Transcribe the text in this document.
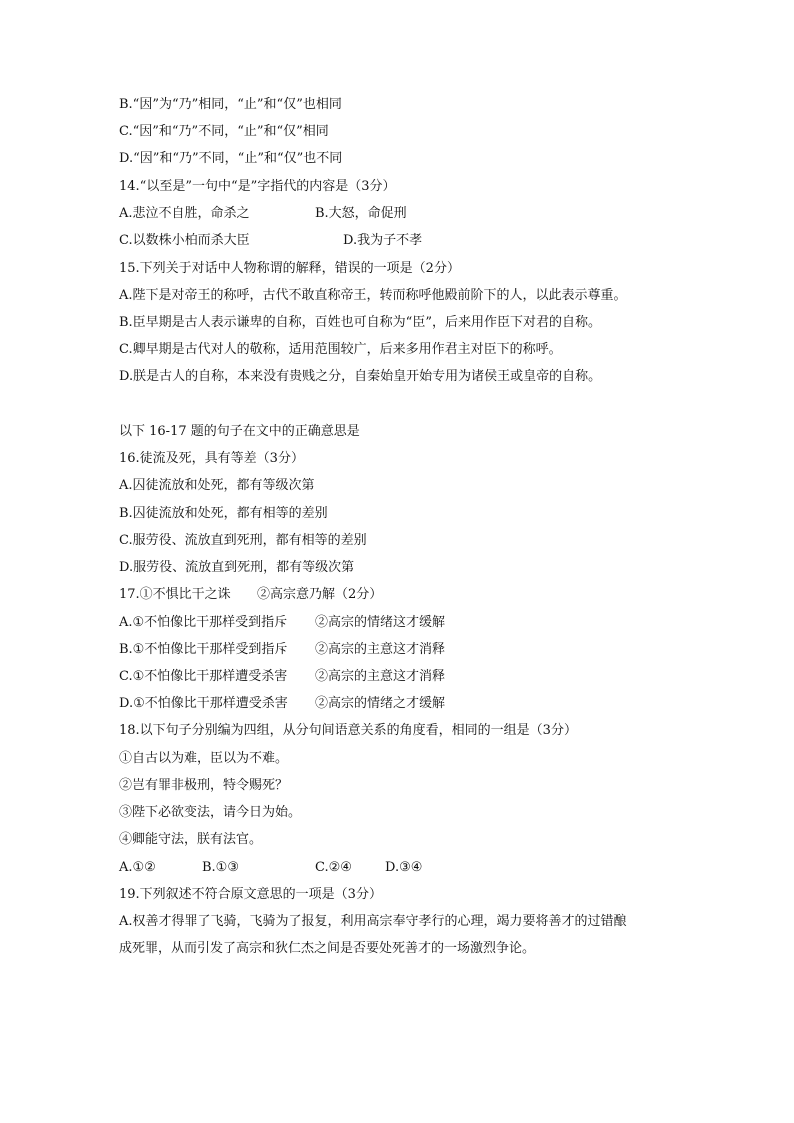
B.“因”为“乃”相同，“止”和“仅”也相同
C.“因”和“乃”不同，“止”和“仅”相同
D.“因”和“乃”不同，“止”和“仅”也不同
14.“以至是”一句中“是”字指代的内容是（3分）
A.悲泣不自胜，命杀之	B.大怒，命促刑
C.以数株小柏而杀大臣	D.我为子不孝
15.下列关于对话中人物称谓的解释，错误的一项是（2分）
A.陛下是对帝王的称呼，古代不敢直称帝王，转而称呼他殿前阶下的人，以此表示尊重。
B.臣早期是古人表示谦卑的自称，百姓也可自称为“臣”，后来用作臣下对君的自称。
C.卿早期是古代对人的敬称，适用范围较广，后来多用作君主对臣下的称呼。
D.朕是古人的自称，本来没有贵贱之分，自秦始皇开始专用为诸侯王或皇帝的自称。
以下 16-17 题的句子在文中的正确意思是
16.徒流及死，具有等差（3分）
A.囚徒流放和处死，都有等级次第
B.囚徒流放和处死，都有相等的差别
C.服劳役、流放直到死刑，都有相等的差别
D.服劳役、流放直到死刑，都有等级次第
17.①不惧比干之诛 ②高宗意乃解（2分）
A.①不怕像比干那样受到指斥 ②高宗的情绪这才缓解
B.①不怕像比干那样受到指斥 ②高宗的主意这才消释
C.①不怕像比干那样遭受杀害 ②高宗的主意这才消释
D.①不怕像比干那样遭受杀害 ②高宗的情绪之才缓解
18.以下句子分别编为四组，从分句间语意关系的角度看，相同的一组是（3分）
①自古以为难，臣以为不难。
②岂有罪非极刑，特令赐死？
③陛下必欲变法，请今日为始。
④卿能守法，朕有法官。
A.①②	B.①③	C.②④	D.③④
19.下列叙述不符合原文意思的一项是（3分）
A.权善才得罪了飞骑，飞骑为了报复，利用高宗奉守孝行的心理，竭力要将善才的过错酿
成死罪，从而引发了高宗和狄仁杰之间是否要处死善才的一场激烈争论。
